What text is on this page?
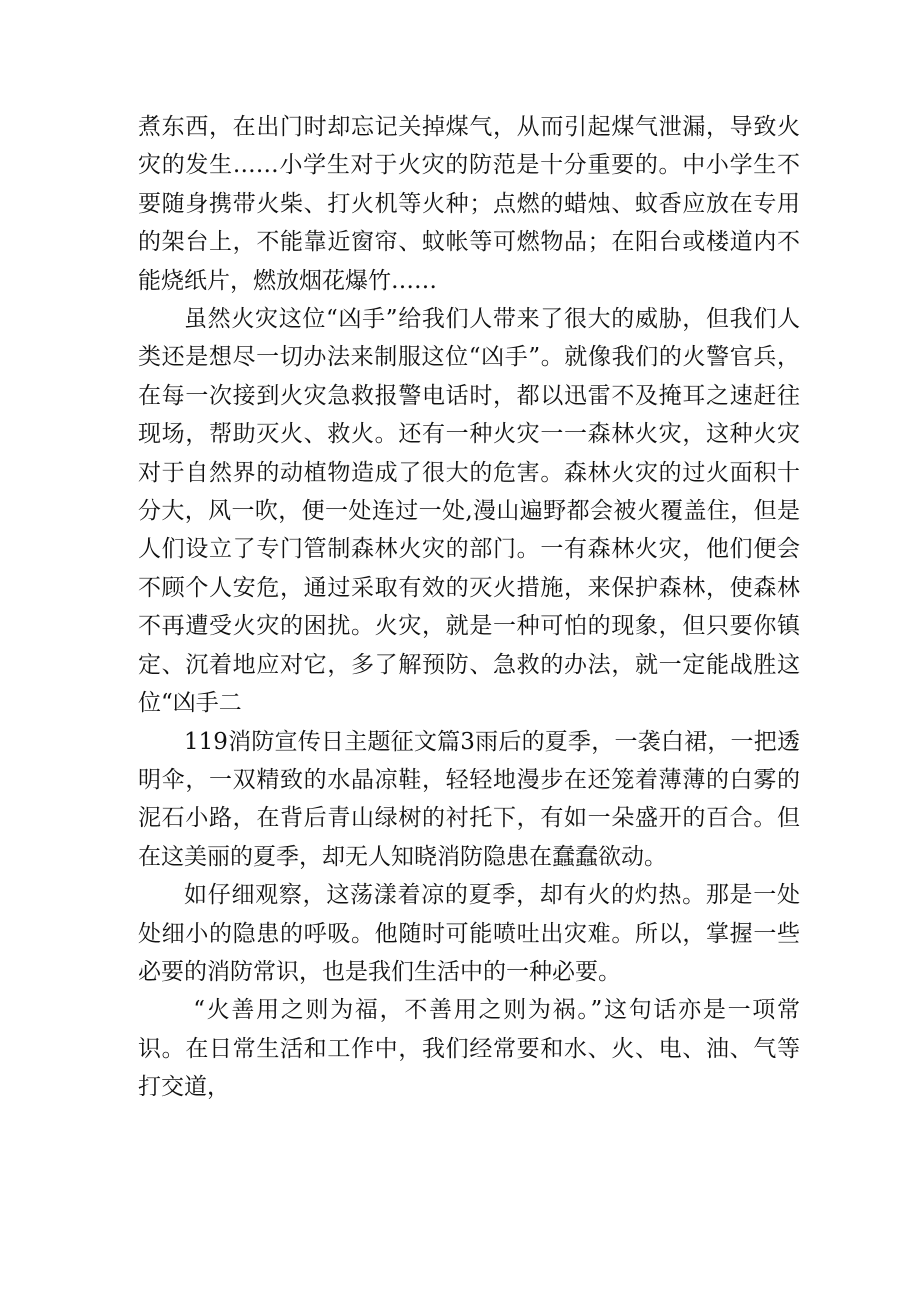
煮东西，在出门时却忘记关掉煤气，从而引起煤气泄漏，导致火灾的发生……小学生对于火灾的防范是十分重要的。中小学生不要随身携带火柴、打火机等火种；点燃的蜡烛、蚊香应放在专用的架台上，不能靠近窗帘、蚊帐等可燃物品；在阳台或楼道内不能烧纸片，燃放烟花爆竹……

虽然火灾这位“凶手”给我们人带来了很大的威胁，但我们人类还是想尽一切办法来制服这位“凶手”。就像我们的火警官兵，在每一次接到火灾急救报警电话时，都以迅雷不及掩耳之速赶往现场，帮助灭火、救火。还有一种火灾一一森林火灾，这种火灾对于自然界的动植物造成了很大的危害。森林火灾的过火面积十分大，风一吹，便一处连过一处,漫山遍野都会被火覆盖住，但是人们设立了专门管制森林火灾的部门。一有森林火灾，他们便会不顾个人安危，通过采取有效的灭火措施，来保护森林，使森林不再遭受火灾的困扰。火灾，就是一种可怕的现象，但只要你镇定、沉着地应对它，多了解预防、急救的办法，就一定能战胜这位“凶手二

119消防宣传日主题征文篇3雨后的夏季，一袭白裙，一把透明伞，一双精致的水晶凉鞋，轻轻地漫步在还笼着薄薄的白雾的泥石小路，在背后青山绿树的衬托下，有如一朵盛开的百合。但在这美丽的夏季，却无人知晓消防隐患在蠢蠢欲动。

如仔细观察，这荡漾着凉的夏季，却有火的灼热。那是一处处细小的隐患的呼吸。他随时可能喷吐出灾难。所以，掌握一些必要的消防常识，也是我们生活中的一种必要。

“火善用之则为福，不善用之则为祸。”这句话亦是一项常识。在日常生活和工作中，我们经常要和水、火、电、油、气等打交道，
